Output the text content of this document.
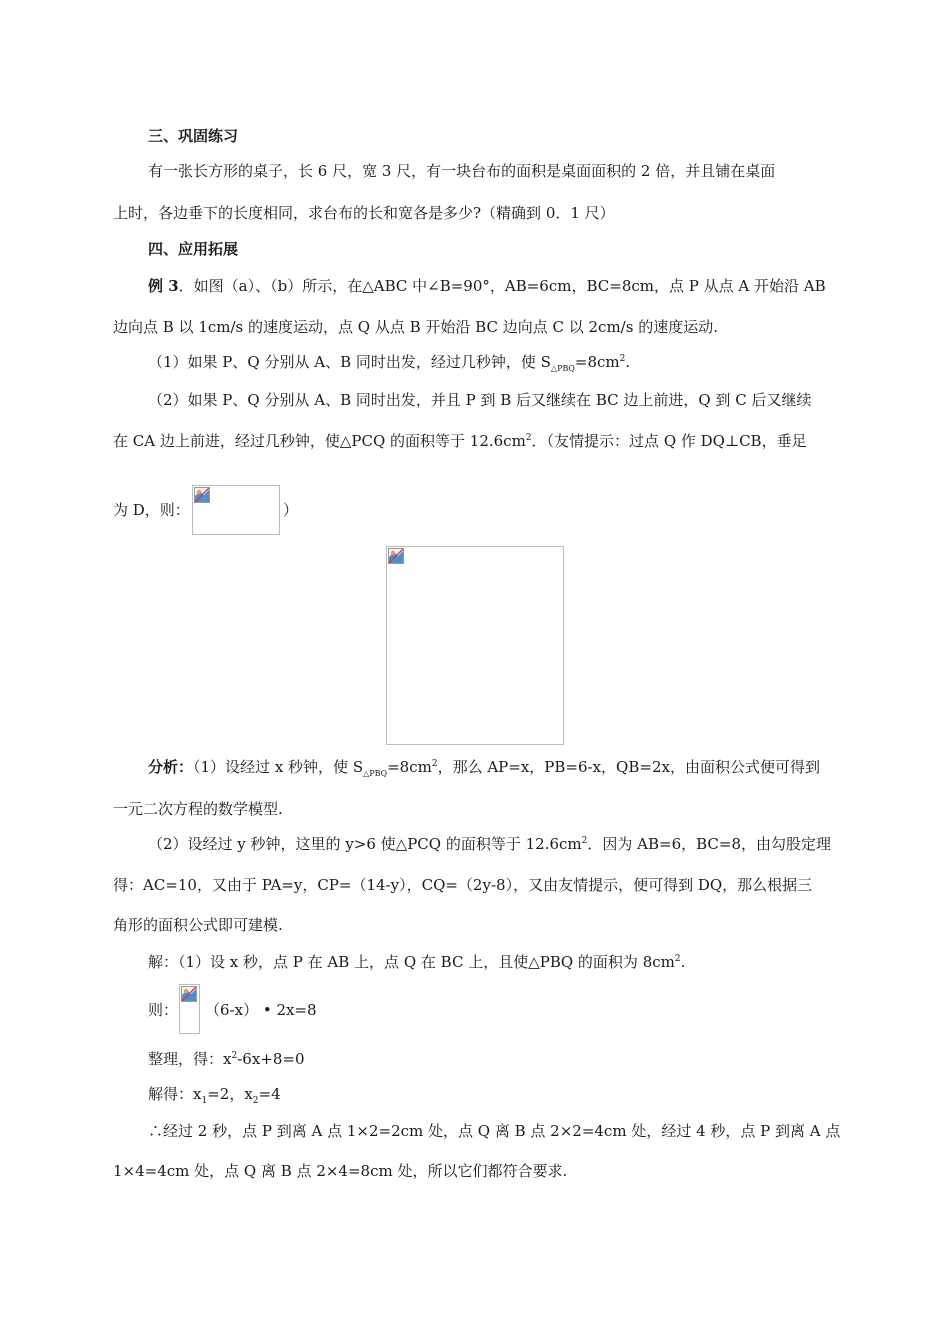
三、巩固练习
有一张长方形的桌子，长 6 尺，宽 3 尺，有一块台布的面积是桌面面积的 2 倍，并且铺在桌面
上时，各边垂下的长度相同，求台布的长和宽各是多少?（精确到 0．1 尺）
四、应用拓展
例 3．如图（a）、（b）所示，在△ABC 中∠B=90°，AB=6cm，BC=8cm，点 P 从点 A 开始沿 AB
边向点 B 以 1cm/s 的速度运动，点 Q 从点 B 开始沿 BC 边向点 C 以 2cm/s 的速度运动.
（1）如果 P、Q 分别从 A、B 同时出发，经过几秒钟，使 $S_{\triangle PBQ}=8cm^2$.
（2）如果 P、Q 分别从 A、B 同时出发，并且 P 到 B 后又继续在 BC 边上前进，Q 到 C 后又继续
在 CA 边上前进，经过几秒钟，使△PCQ 的面积等于 $12.6cm^2$．（友情提示：过点 Q 作 DQ⊥CB，垂足
为 D，则：	）
分析：（1）设经过 x 秒钟，使 $S_{\triangle PBQ}=8cm^2$，那么 AP=x，PB=6-x，QB=2x，由面积公式便可得到
一元二次方程的数学模型.
（2）设经过 y 秒钟，这里的 y>6 使△PCQ 的面积等于 $12.6cm^2$．因为 AB=6，BC=8，由勾股定理
得：AC=10，又由于 PA=y，CP=（14-y），CQ=（2y-8），又由友情提示，便可得到 DQ，那么根据三
角形的面积公式即可建模.
解：（1）设 x 秒，点 P 在 AB 上，点 Q 在 BC 上，且使△PBQ 的面积为 $8cm^2$.
则： （6-x） • 2x=8
整理，得：$x^2-6x+8=0$
解得：$x_1=2$，$x_2=4$
∴经过 2 秒，点 P 到离 A 点 1×2=2cm 处，点 Q 离 B 点 2×2=4cm 处，经过 4 秒，点 P 到离 A 点
1×4=4cm 处，点 Q 离 B 点 2×4=8cm 处，所以它们都符合要求.
